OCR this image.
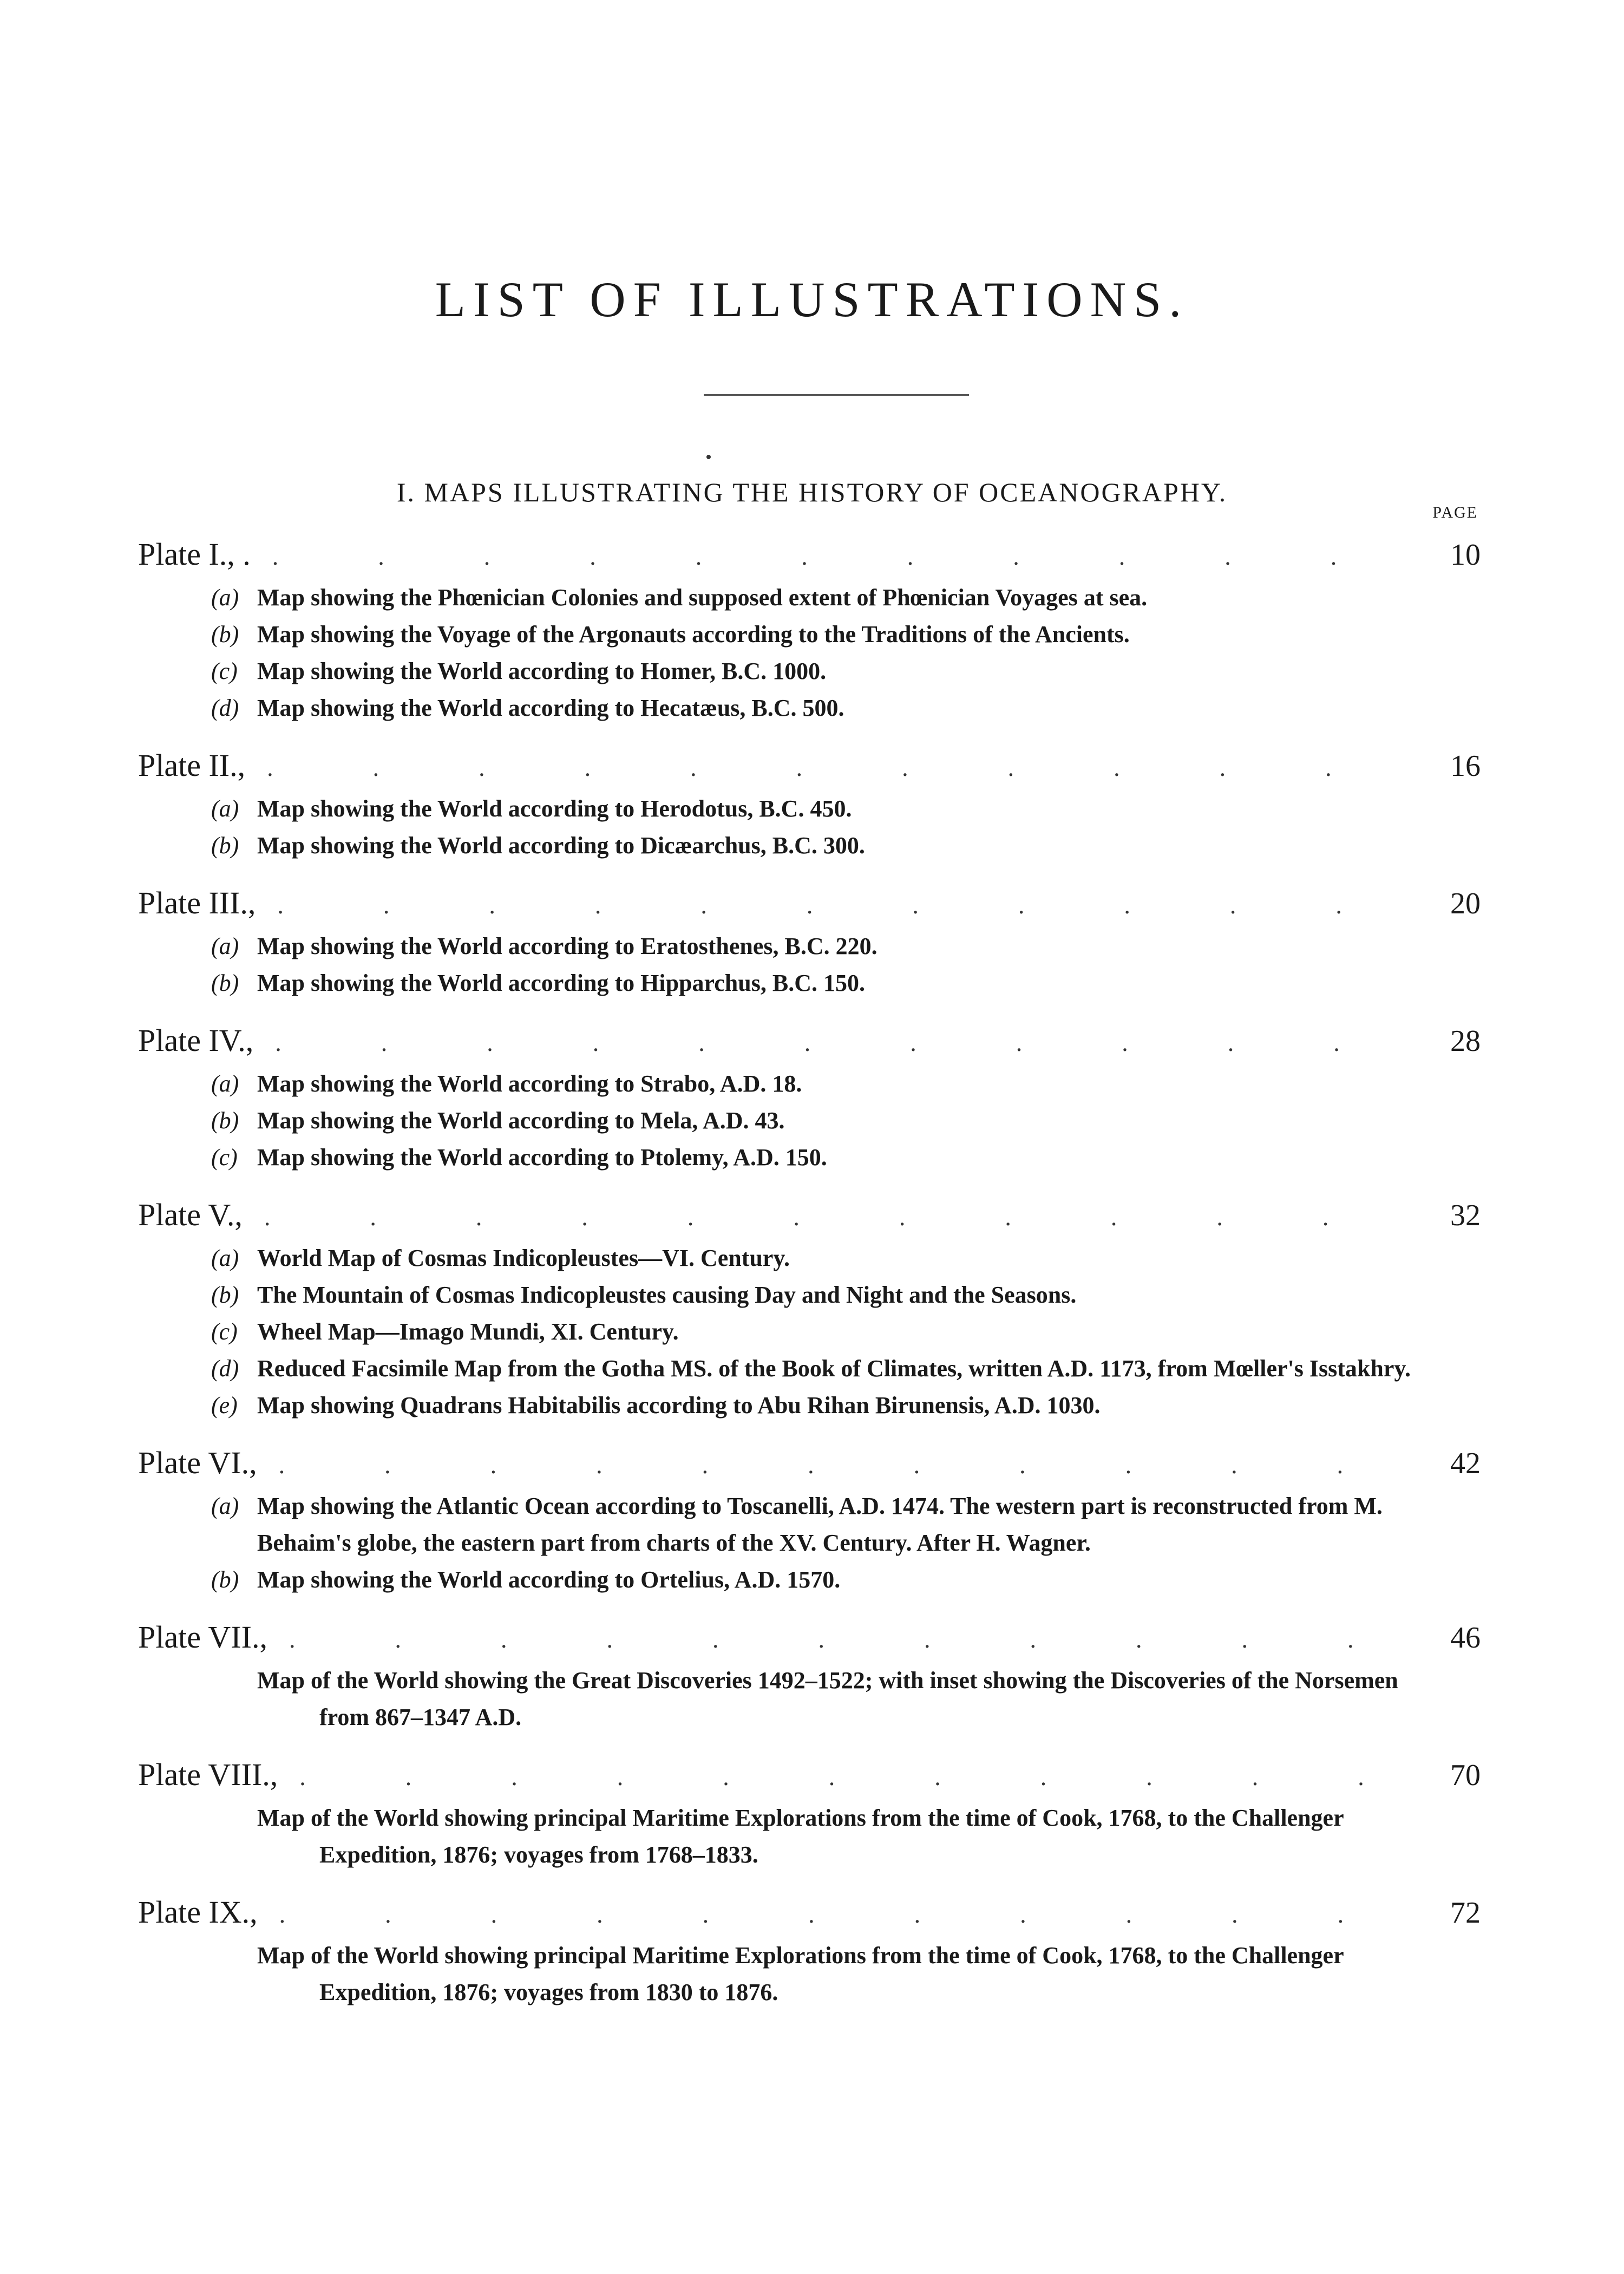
LIST OF ILLUSTRATIONS.
I. MAPS ILLUSTRATING THE HISTORY OF OCEANOGRAPHY.
PAGE
Plate I., . .	10
(a) Map showing the Phœnician Colonies and supposed extent of Phœnician Voyages at sea.
(b) Map showing the Voyage of the Argonauts according to the Traditions of the Ancients.
(c) Map showing the World according to Homer, B.C. 1000.
(d) Map showing the World according to Hecatæus, B.C. 500.
Plate II., .	16
(a) Map showing the World according to Herodotus, B.C. 450.
(b) Map showing the World according to Dicæarchus, B.C. 300.
Plate III., .	20
(a) Map showing the World according to Eratosthenes, B.C. 220.
(b) Map showing the World according to Hipparchus, B.C. 150.
Plate IV., .	28
(a) Map showing the World according to Strabo, A.D. 18.
(b) Map showing the World according to Mela, A.D. 43.
(c) Map showing the World according to Ptolemy, A.D. 150.
Plate V., .	32
(a) World Map of Cosmas Indicopleustes—VI. Century.
(b) The Mountain of Cosmas Indicopleustes causing Day and Night and the Seasons.
(c) Wheel Map—Imago Mundi, XI. Century.
(d) Reduced Facsimile Map from the Gotha MS. of the Book of Climates, written A.D. 1173, from Mœller's Isstakhry.
(e) Map showing Quadrans Habitabilis according to Abu Rihan Birunensis, A.D. 1030.
Plate VI., .	42
(a) Map showing the Atlantic Ocean according to Toscanelli, A.D. 1474. The western part is reconstructed from M. Behaim's globe, the eastern part from charts of the XV. Century. After H. Wagner.
(b) Map showing the World according to Ortelius, A.D. 1570.
Plate VII., .	46
Map of the World showing the Great Discoveries 1492–1522; with inset showing the Discoveries of the Norsemen from 867–1347 A.D.
Plate VIII., .	70
Map of the World showing principal Maritime Explorations from the time of Cook, 1768, to the Challenger Expedition, 1876; voyages from 1768–1833.
Plate IX., .	72
Map of the World showing principal Maritime Explorations from the time of Cook, 1768, to the Challenger Expedition, 1876; voyages from 1830 to 1876.
